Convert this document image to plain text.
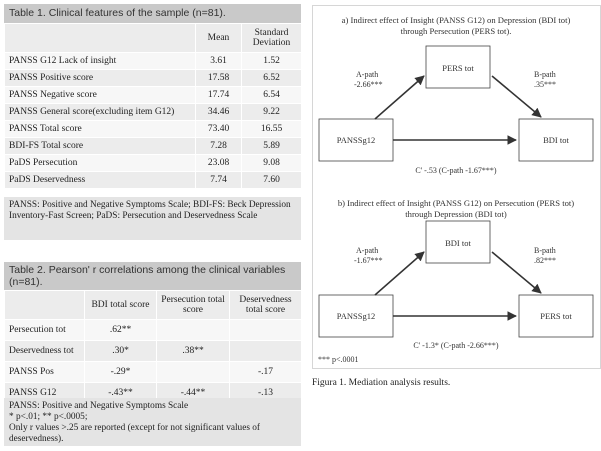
Table 1. Clinical features of the sample (n=81).
	Mean	Standard Deviation
PANSS G12 Lack of insight	3.61	1.52
PANSS Positive score	17.58	6.52
PANSS Negative score	17.74	6.54
PANSS General score(excluding item G12)	34.46	9.22
PANSS Total score	73.40	16.55
BDI-FS Total score	7.28	5.89
PaDS Persecution	23.08	9.08
PaDS Deservedness	7.74	7.60
PANSS: Positive and Negative Symptoms Scale; BDI-FS: Beck Depression Inventory-Fast Screen; PaDS: Persecution and Deservedness Scale
Table 2. Pearson' r correlations among the clinical variables (n=81).
	BDI total score	Persecution total score	Deservedness total score
Persecution tot	.62**		
Deservedness tot	.30*	.38**	
PANSS Pos	-.29*		-.17
PANSS G12	-.43**	-.44**	-.13
PANSS: Positive and Negative Symptoms Scale
* p<.01; ** p<.0005;
Only r values >.25 are reported (except for not significant values of deservedness).
a) Indirect effect of Insight (PANSS G12) on Depression (BDI tot)
through Persecution (PERS tot).
PERS tot
PANSSg12	BDI tot
A-path
-2.66***
B-path
.35***
C' -.53 (C-path -1.67***)
b) Indirect effect of Insight (PANSS G12) on Persecution (PERS tot)
through Depression (BDI tot)
BDI tot
PANSSg12	PERS tot
A-path
-1.67***
B-path
.82***
C' -1.3* (C-path -2.66***)
*** p<.0001
Figura 1. Mediation analysis results.
